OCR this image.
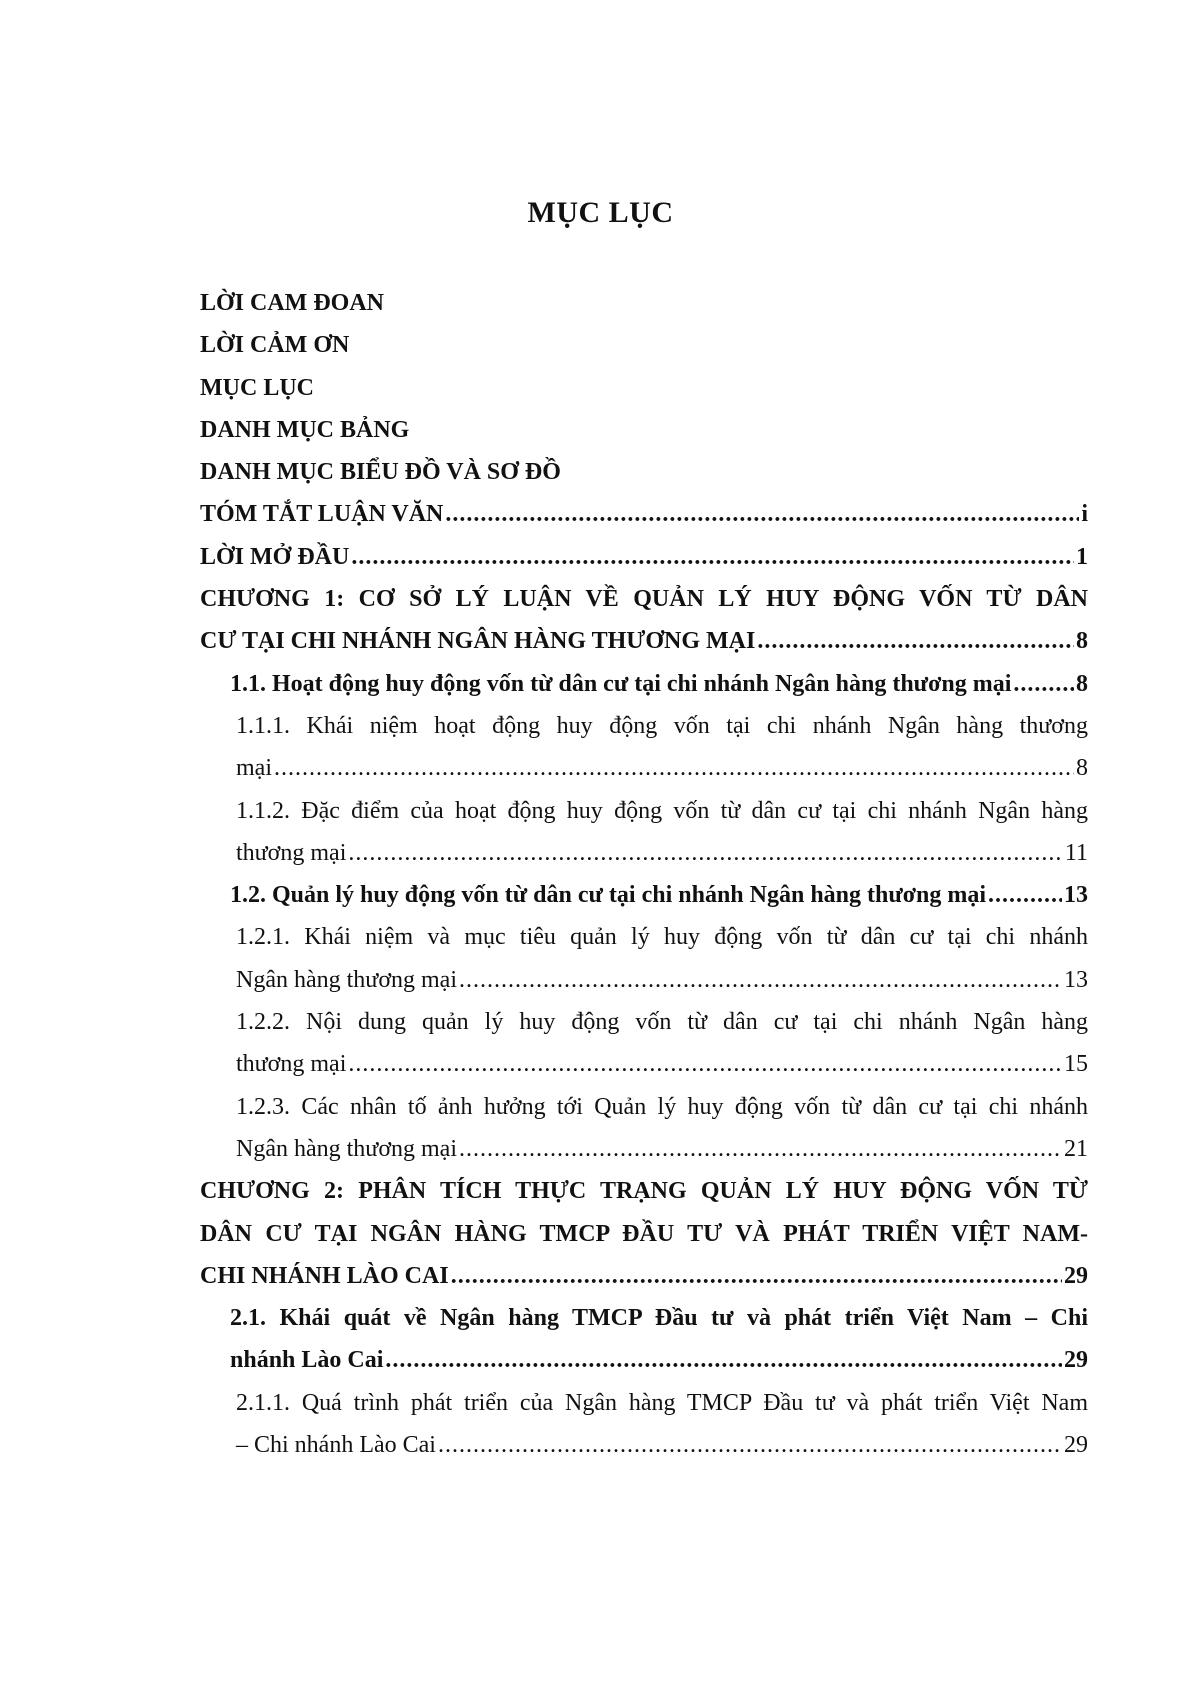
MỤC LỤC
LỜI CAM ĐOAN
LỜI CẢM ƠN
MỤC LỤC
DANH MỤC BẢNG
DANH MỤC BIỂU ĐỒ VÀ SƠ ĐỒ
TÓM TẮT LUẬN VĂN .....	i
LỜI MỞ ĐẦU .....	1
CHƯƠNG 1: CƠ SỞ LÝ LUẬN VỀ QUẢN LÝ HUY ĐỘNG VỐN TỪ DÂN
CƯ TẠI CHI NHÁNH NGÂN HÀNG THƯƠNG MẠI .....	8
1.1. Hoạt động huy động vốn từ dân cư tại chi nhánh Ngân hàng thương mại .....	8
1.1.1. Khái niệm hoạt động huy động vốn tại chi nhánh Ngân hàng thương
mại .....	8
1.1.2. Đặc điểm của hoạt động huy động vốn từ dân cư tại chi nhánh Ngân hàng
thương mại .....	11
1.2. Quản lý huy động vốn từ dân cư tại chi nhánh Ngân hàng thương mại .....	13
1.2.1. Khái niệm và mục tiêu quản lý huy động vốn từ dân cư tại chi nhánh
Ngân hàng thương mại .....	13
1.2.2. Nội dung quản lý huy động vốn từ dân cư tại chi nhánh Ngân hàng
thương mại .....	15
1.2.3. Các nhân tố ảnh hưởng tới Quản lý huy động vốn từ dân cư tại chi nhánh
Ngân hàng thương mại .....	21
CHƯƠNG 2: PHÂN TÍCH THỰC TRẠNG QUẢN LÝ HUY ĐỘNG VỐN TỪ
DÂN CƯ TẠI NGÂN HÀNG TMCP ĐẦU TƯ VÀ PHÁT TRIỂN VIỆT NAM-
CHI NHÁNH LÀO CAI .....	29
2.1. Khái quát về Ngân hàng TMCP Đầu tư và phát triển Việt Nam – Chi
nhánh Lào Cai .....	29
2.1.1. Quá trình phát triển của Ngân hàng TMCP Đầu tư và phát triển Việt Nam
– Chi nhánh Lào Cai .....	29
